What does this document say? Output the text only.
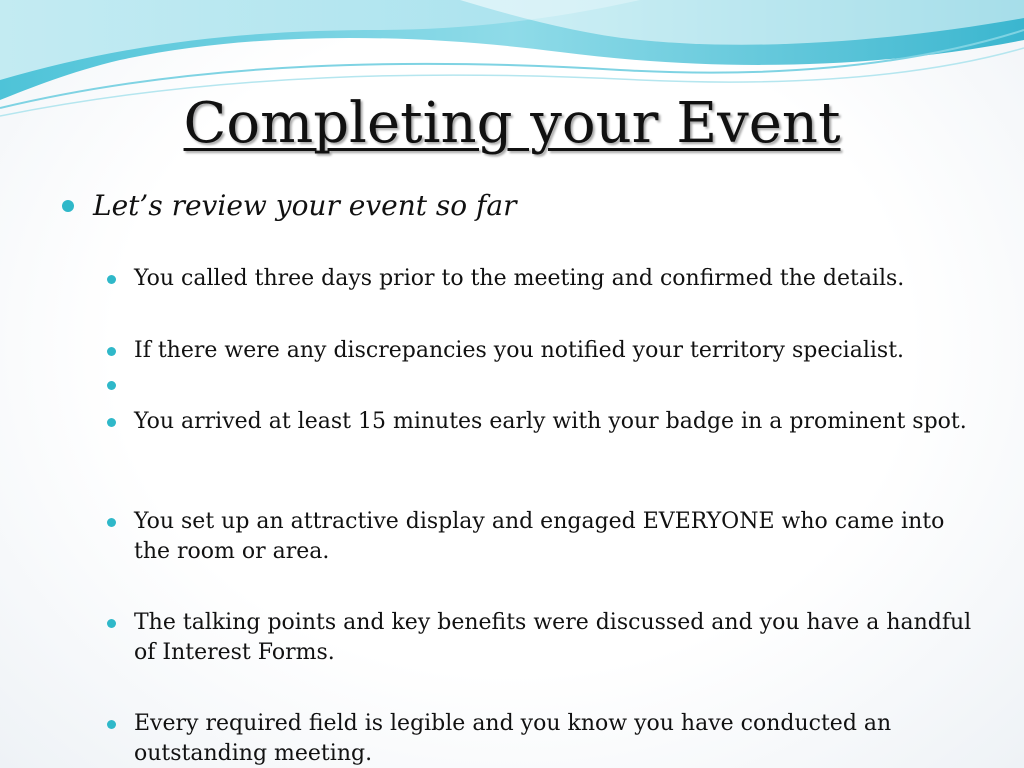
Completing your Event
Let’s review your event so far
You called three days prior to the meeting and confirmed the details.
If there were any discrepancies you notified your territory specialist.
You arrived at least 15 minutes early with your badge in a prominent spot.
You set up an attractive display and engaged EVERYONE who came into the room or area.
The talking points and key benefits were discussed and you have a handful of Interest Forms.
Every required field is legible and you know you have conducted an outstanding meeting.
